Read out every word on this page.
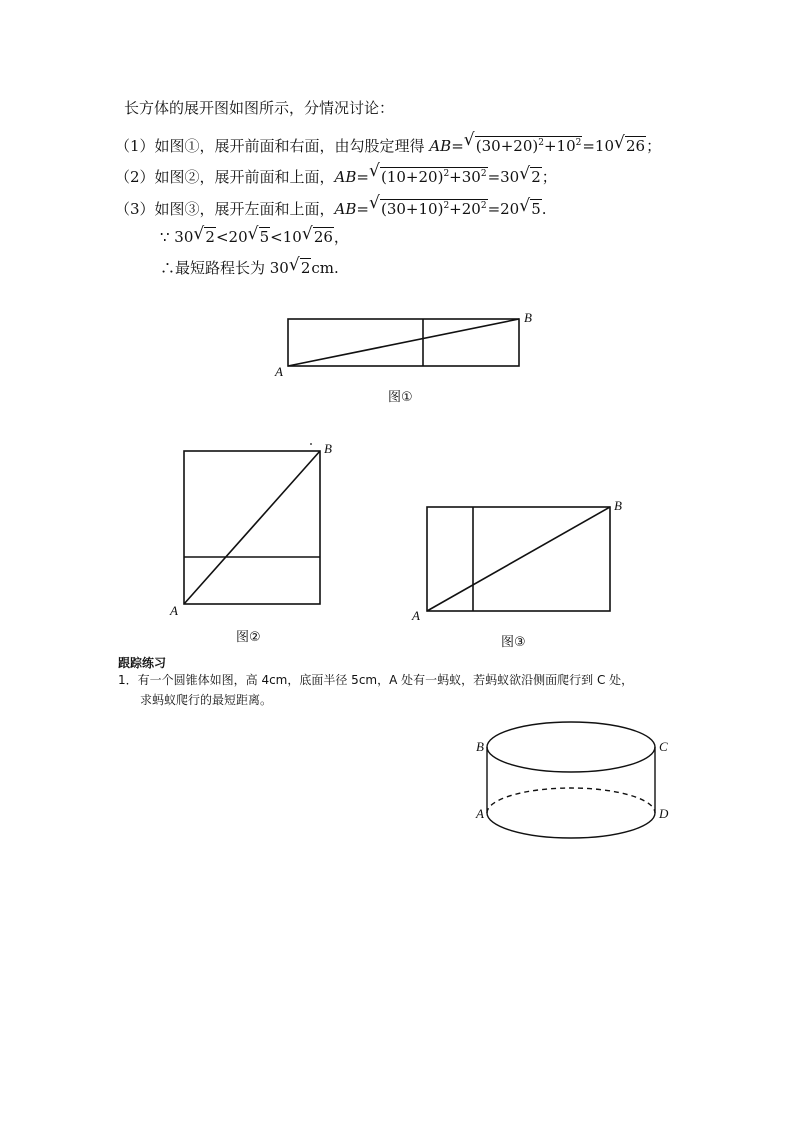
长方体的展开图如图所示，分情况讨论：
（1）如图①，展开前面和右面，由勾股定理得 AB= √ $(30+20)^2+10^2=10$ √ 26；
（2）如图②，展开前面和上面，AB= √ $(10+20)^2+30^2=30$ √ 2；
（3）如图③，展开左面和上面，AB= √ $(30+10)^2+20^2=20$ √ 5.
∵ 30 √ 2<20 √ 5<10 √ 26，
∴最短路程长为 30 √ 2cm.
A
B
图①
A
B
图②
A
B
图③
跟踪练习
1．有一个圆锥体如图，高 4cm，底面半径 5cm，A 处有一蚂蚁，若蚂蚁欲沿侧面爬行到 C 处，
求蚂蚁爬行的最短距离。
B	C
A	D
